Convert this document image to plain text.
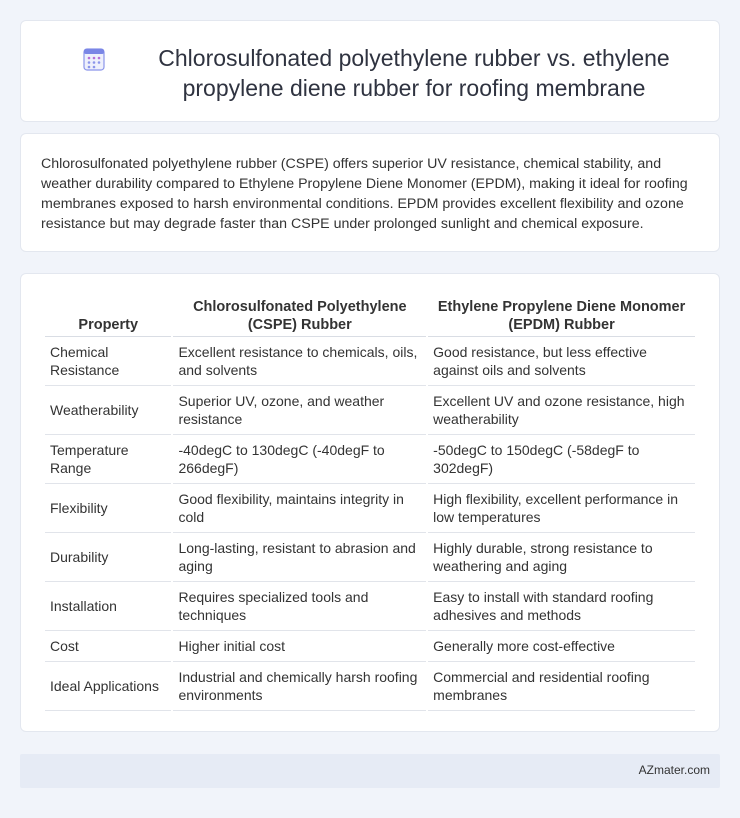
Chlorosulfonated polyethylene rubber vs. ethylene propylene diene rubber for roofing membrane

Chlorosulfonated polyethylene rubber (CSPE) offers superior UV resistance, chemical stability, and weather durability compared to Ethylene Propylene Diene Monomer (EPDM), making it ideal for roofing membranes exposed to harsh environmental conditions. EPDM provides excellent flexibility and ozone resistance but may degrade faster than CSPE under prolonged sunlight and chemical exposure.

Property	Chlorosulfonated Polyethylene (CSPE) Rubber	Ethylene Propylene Diene Monomer (EPDM) Rubber
Chemical Resistance	Excellent resistance to chemicals, oils, and solvents	Good resistance, but less effective against oils and solvents
Weatherability	Superior UV, ozone, and weather resistance	Excellent UV and ozone resistance, high weatherability
Temperature Range	-40degC to 130degC (-40degF to 266degF)	-50degC to 150degC (-58degF to 302degF)
Flexibility	Good flexibility, maintains integrity in cold	High flexibility, excellent performance in low temperatures
Durability	Long-lasting, resistant to abrasion and aging	Highly durable, strong resistance to weathering and aging
Installation	Requires specialized tools and techniques	Easy to install with standard roofing adhesives and methods
Cost	Higher initial cost	Generally more cost-effective
Ideal Applications	Industrial and chemically harsh roofing environments	Commercial and residential roofing membranes
AZmater.com
